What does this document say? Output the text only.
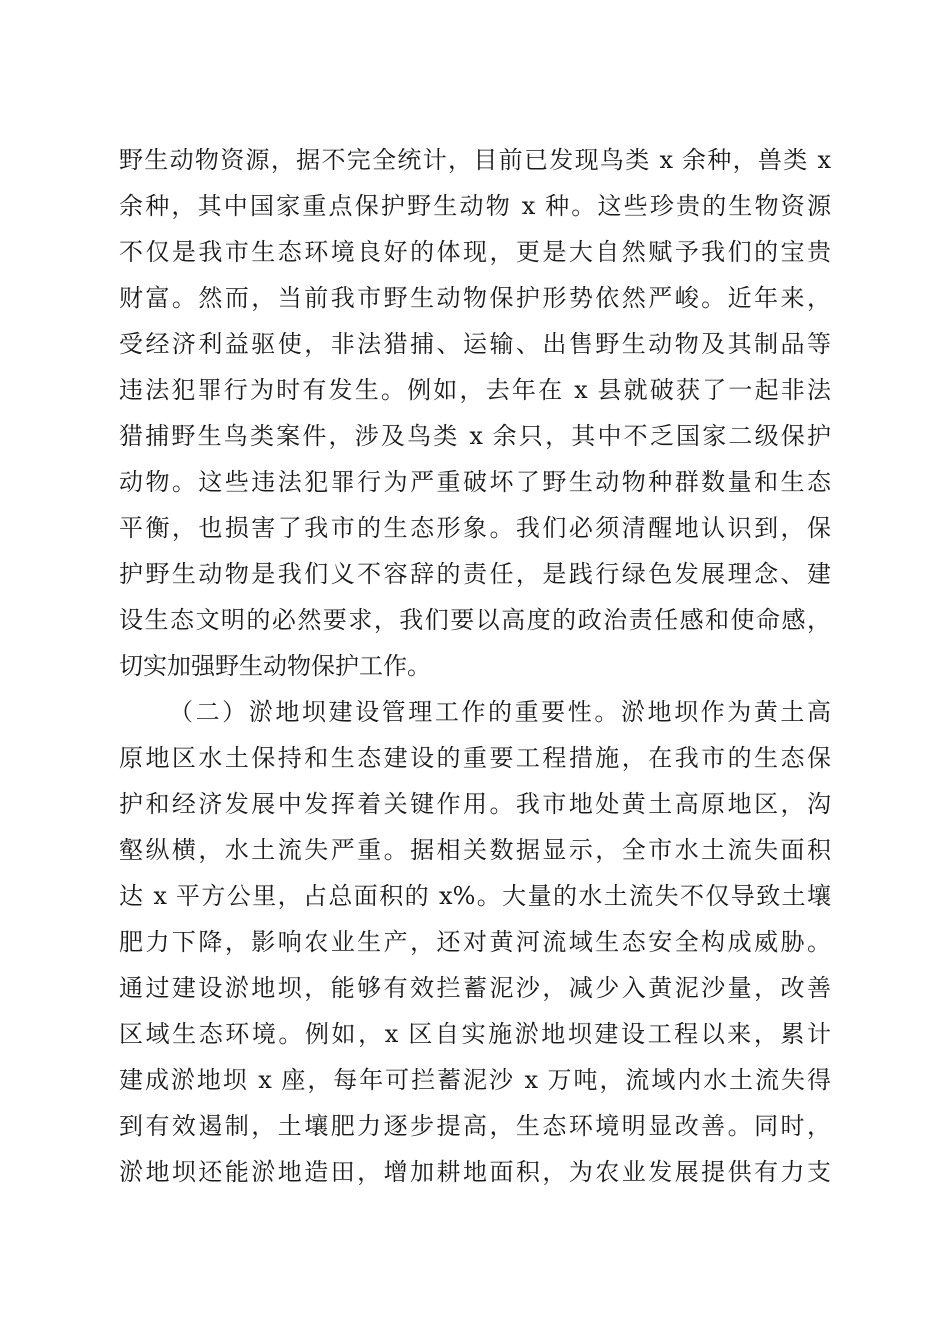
野生动物资源，据不完全统计，目前已发现鸟类 x 余种，兽类 x
余种，其中国家重点保护野生动物 x 种。这些珍贵的生物资源
不仅是我市生态环境良好的体现，更是大自然赋予我们的宝贵
财富。然而，当前我市野生动物保护形势依然严峻。近年来，
受经济利益驱使，非法猎捕、运输、出售野生动物及其制品等
违法犯罪行为时有发生。例如，去年在 x 县就破获了一起非法
猎捕野生鸟类案件，涉及鸟类 x 余只，其中不乏国家二级保护
动物。这些违法犯罪行为严重破坏了野生动物种群数量和生态
平衡，也损害了我市的生态形象。我们必须清醒地认识到，保
护野生动物是我们义不容辞的责任，是践行绿色发展理念、建
设生态文明的必然要求，我们要以高度的政治责任感和使命感，
切实加强野生动物保护工作。
（二）淤地坝建设管理工作的重要性。淤地坝作为黄土高
原地区水土保持和生态建设的重要工程措施，在我市的生态保
护和经济发展中发挥着关键作用。我市地处黄土高原地区，沟
壑纵横，水土流失严重。据相关数据显示，全市水土流失面积
达 x 平方公里，占总面积的 x%。大量的水土流失不仅导致土壤
肥力下降，影响农业生产，还对黄河流域生态安全构成威胁。
通过建设淤地坝，能够有效拦蓄泥沙，减少入黄泥沙量，改善
区域生态环境。例如，x 区自实施淤地坝建设工程以来，累计
建成淤地坝 x 座，每年可拦蓄泥沙 x 万吨，流域内水土流失得
到有效遏制，土壤肥力逐步提高，生态环境明显改善。同时，
淤地坝还能淤地造田，增加耕地面积，为农业发展提供有力支
